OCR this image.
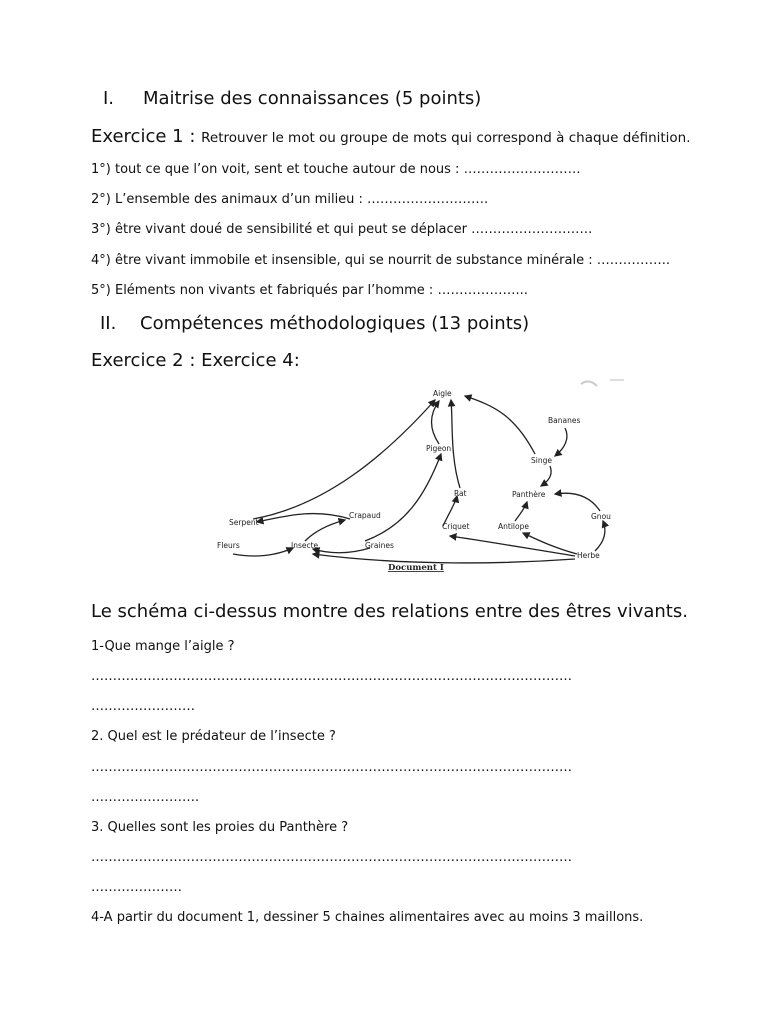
I. Maitrise des connaissances (5 points)
Exercice 1 : Retrouver le mot ou groupe de mots qui correspond à chaque définition.
1°) tout ce que l’on voit, sent et touche autour de nous : ………………………
2°) L’ensemble des animaux d’un milieu : ……………………….
3°) être vivant doué de sensibilité et qui peut se déplacer ……………………….
4°) être vivant immobile et insensible, qui se nourrit de substance minérale : ……………..
5°) Eléments non vivants et fabriqués par l’homme : ………………...
II. Compétences méthodologiques (13 points)
Exercice 2 : Exercice 4:
Aigle
Bananes
Pigeon
Singe
Rat	Panthère
Serpent
Crapaud	Gnou
Criquet	Antilope
Fleurs	Insecte	Graines
Herbe
Document I
Le schéma ci-dessus montre des relations entre des êtres vivants.
1-Que mange l’aigle ?
…………………………………………………………………………………………………
……………………
2. Quel est le prédateur de l’insecte ?
…………………………………………………………………………………………………
…………………….
3. Quelles sont les proies du Panthère ?
…………………………………………………………………………………………………
…………………
4-A partir du document 1, dessiner 5 chaines alimentaires avec au moins 3 maillons.
